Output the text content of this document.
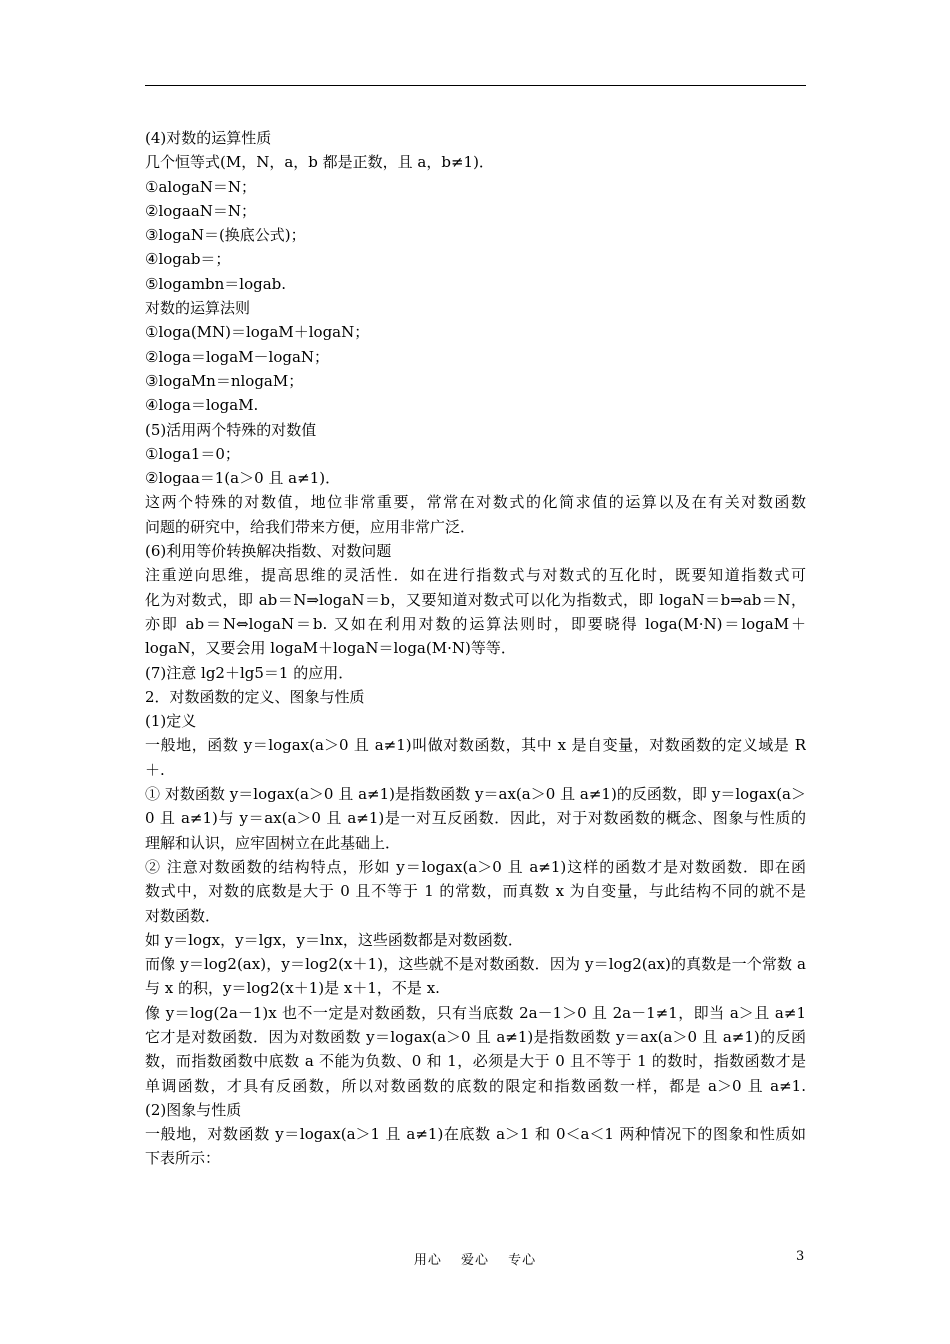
(4)对数的运算性质
几个恒等式(M，N，a，b 都是正数，且 a，b≠1)．
①alogaN＝N；
②logaaN＝N；
③logaN＝(换底公式)；
④logab＝；
⑤logambn＝logab.
对数的运算法则
①loga(MN)＝logaM＋logaN；
②loga＝logaM－logaN；
③logaMn＝nlogaM；
④loga＝logaM.
(5)活用两个特殊的对数值
①loga1＝0；
②logaa＝1(a＞0 且 a≠1)．
这两个特殊的对数值，地位非常重要，常常在对数式的化简求值的运算以及在有关对数函数
问题的研究中，给我们带来方便，应用非常广泛．
(6)利用等价转换解决指数、对数问题
注重逆向思维，提高思维的灵活性．如在进行指数式与对数式的互化时，既要知道指数式可
化为对数式，即 ab＝N⇒logaN＝b，又要知道对数式可以化为指数式，即 logaN＝b⇒ab＝N，
亦即 ab＝N⇔logaN＝b. 又如在利用对数的运算法则时，即要晓得 loga(M·N)＝logaM＋
logaN，又要会用 logaM＋logaN＝loga(M·N)等等．
(7)注意 lg2＋lg5＝1 的应用．
2．对数函数的定义、图象与性质
(1)定义
一般地，函数 y＝logax(a＞0 且 a≠1)叫做对数函数，其中 x 是自变量，对数函数的定义域是 R
＋.
① 对数函数 y＝logax(a＞0 且 a≠1)是指数函数 y＝ax(a＞0 且 a≠1)的反函数，即 y＝logax(a＞
0 且 a≠1)与 y＝ax(a＞0 且 a≠1)是一对互反函数．因此，对于对数函数的概念、图象与性质的
理解和认识，应牢固树立在此基础上．
② 注意对数函数的结构特点，形如 y＝logax(a＞0 且 a≠1)这样的函数才是对数函数．即在函
数式中，对数的底数是大于 0 且不等于 1 的常数，而真数 x 为自变量，与此结构不同的就不是
对数函数．
如 y＝logx，y＝lgx，y＝lnx，这些函数都是对数函数．
而像 y＝log2(ax)，y＝log2(x＋1)，这些就不是对数函数．因为 y＝log2(ax)的真数是一个常数 a
与 x 的积，y＝log2(x＋1)是 x＋1，不是 x.
像 y＝log(2a－1)x 也不一定是对数函数，只有当底数 2a－1＞0 且 2a－1≠1，即当 a＞且 a≠1
它才是对数函数．因为对数函数 y＝logax(a＞0 且 a≠1)是指数函数 y＝ax(a＞0 且 a≠1)的反函
数，而指数函数中底数 a 不能为负数、0 和 1，必须是大于 0 且不等于 1 的数时，指数函数才是
单调函数，才具有反函数，所以对数函数的底数的限定和指数函数一样，都是 a＞0 且 a≠1.
(2)图象与性质
一般地，对数函数 y＝logax(a＞1 且 a≠1)在底数 a＞1 和 0＜a＜1 两种情况下的图象和性质如
下表所示：
用心 爱心 专心	3
